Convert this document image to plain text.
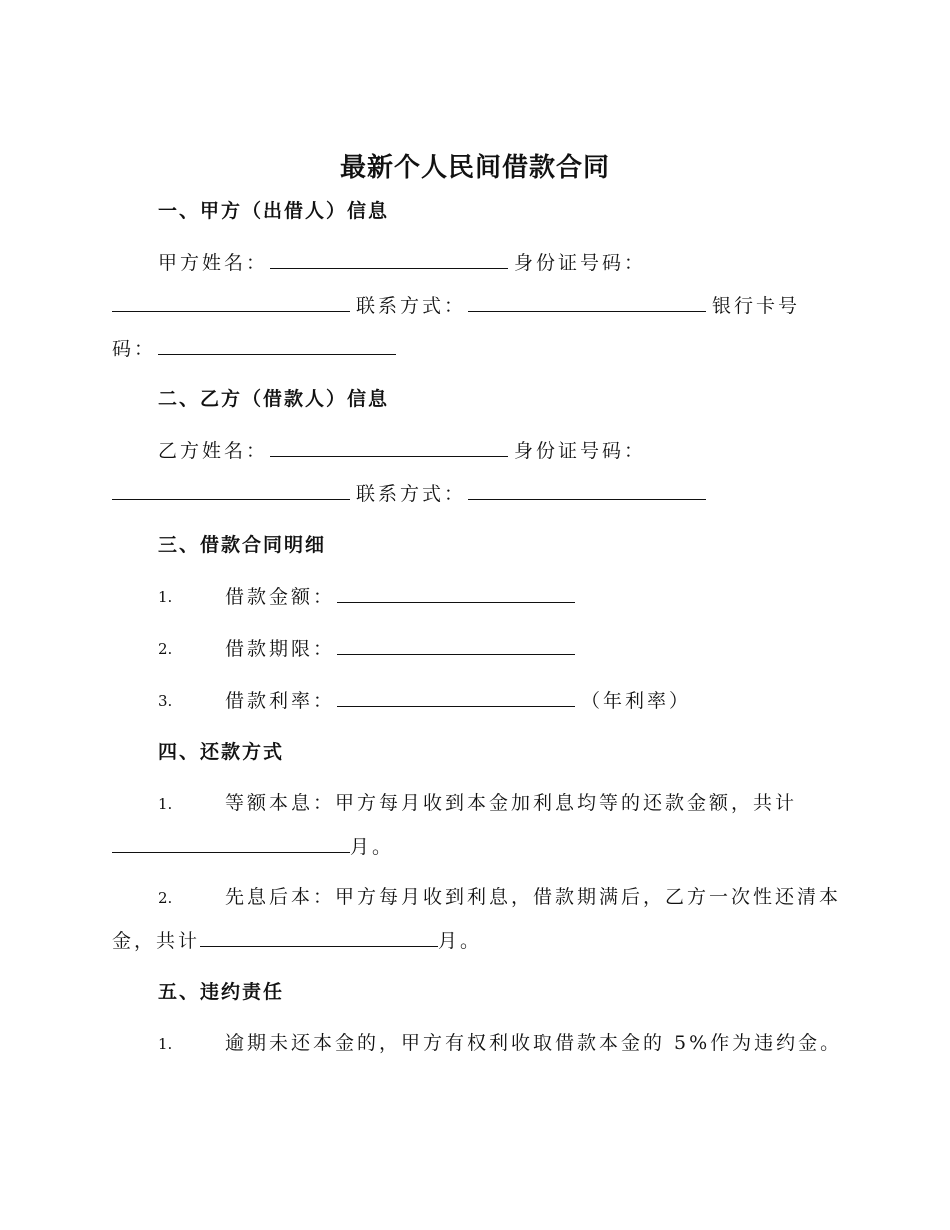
最新个人民间借款合同
一、甲方（出借人）信息
甲方姓名：	身份证号码：
联系方式：	银行卡号
码：
二、乙方（借款人）信息
乙方姓名：	身份证号码：
联系方式：
三、借款合同明细
1.	借款金额：
2.	借款期限：
3.	借款利率：	（年利率）
四、还款方式
1.	等额本息：甲方每月收到本金加利息均等的还款金额，共计
月。
2.	先息后本：甲方每月收到利息，借款期满后，乙方一次性还清本
金，共计	月。
五、违约责任
1.	逾期未还本金的，甲方有权利收取借款本金的 5%作为违约金。
